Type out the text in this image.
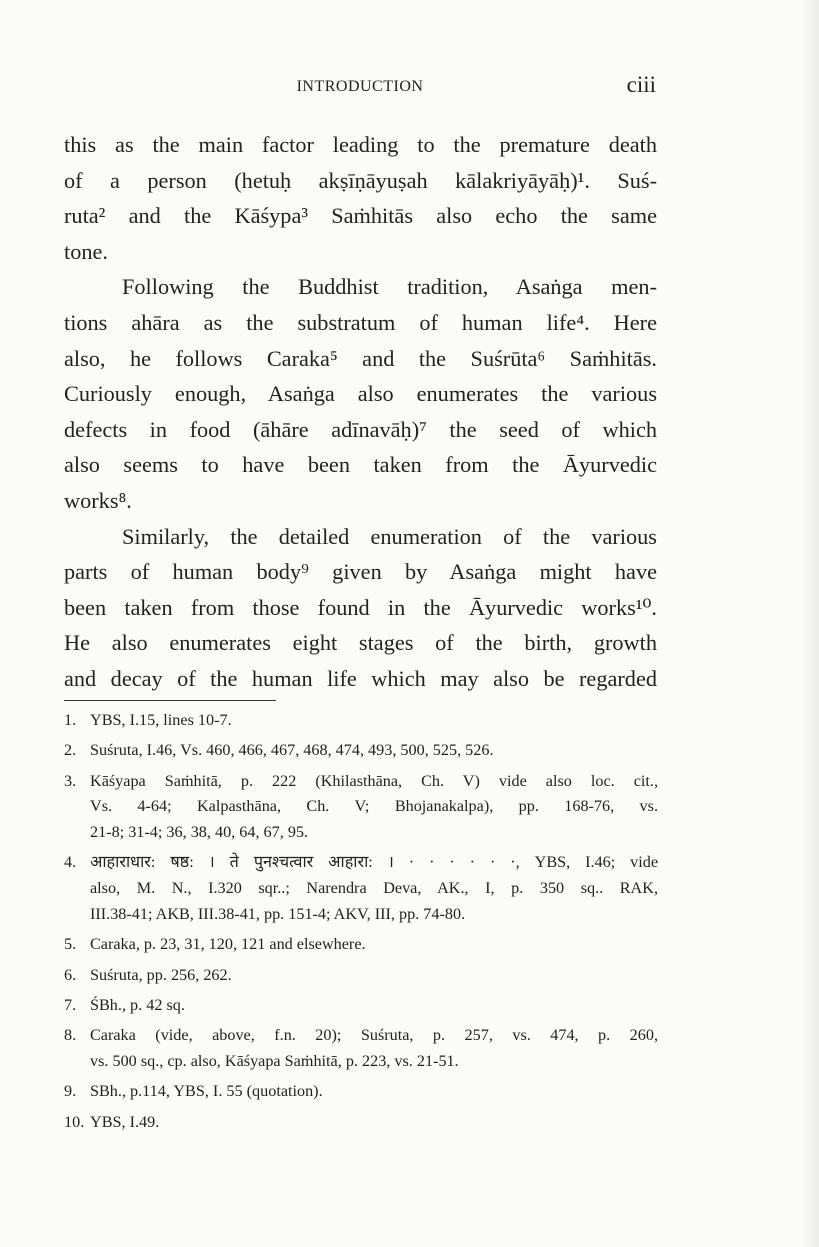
INTRODUCTION	ciii
this as the main factor leading to the premature death
of a person (hetuḥ akṣīṇāyuṣah kālakriyāyāḥ)¹. Suś-
ruta² and the Kāśypa³ Saṁhitās also echo the same
tone.
Following the Buddhist tradition, Asaṅga men-
tions ahāra as the substratum of human life⁴. Here
also, he follows Caraka⁵ and the Suśrūta⁶ Saṁhitās.
Curiously enough, Asaṅga also enumerates the various
defects in food (āhāre adīnavāḥ)⁷ the seed of which
also seems to have been taken from the Āyurvedic
works⁸.
Similarly, the detailed enumeration of the various
parts of human body⁹ given by Asaṅga might have
been taken from those found in the Āyurvedic works¹⁰.
He also enumerates eight stages of the birth, growth
and decay of the human life which may also be regarded
1. YBS, I.15, lines 10-7.
2. Suśruta, I.46, Vs. 460, 466, 467, 468, 474, 493, 500, 525, 526.
3. Kāśyapa Saṁhitā, p. 222 (Khilasthāna, Ch. V) vide also loc. cit.,
Vs. 4-64; Kalpasthāna, Ch. V; Bhojanakalpa), pp. 168-76, vs.
21-8; 31-4; 36, 38, 40, 64, 67, 95.
4. आहाराधार: षष्ठ: । ते पुनश्चत्वार आहारा: । · · · · · ·, YBS, I.46; vide
also, M. N., I.320 sqr..; Narendra Deva, AK., I, p. 350 sq.. RAK,
III.38-41; AKB, III.38-41, pp. 151-4; AKV, III, pp. 74-80.
5. Caraka, p. 23, 31, 120, 121 and elsewhere.
6. Suśruta, pp. 256, 262.
7. ŚBh., p. 42 sq.
8. Caraka (vide, above, f.n. 20); Suśruta, p. 257, vs. 474, p. 260,
vs. 500 sq., cp. also, Kāśyapa Saṁhitā, p. 223, vs. 21-51.
9. SBh., p.114, YBS, I. 55 (quotation).
10. YBS, I.49.
